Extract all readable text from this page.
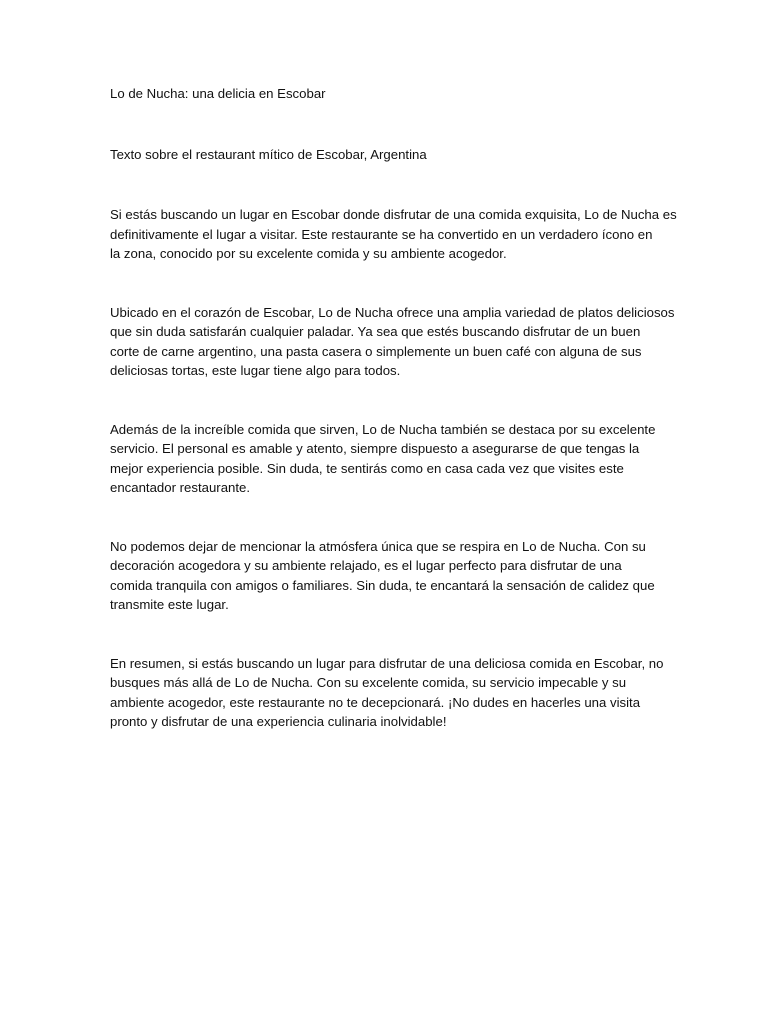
Lo de Nucha: una delicia en Escobar

Texto sobre el restaurant mítico de Escobar, Argentina

Si estás buscando un lugar en Escobar donde disfrutar de una comida exquisita, Lo de Nucha es
definitivamente el lugar a visitar. Este restaurante se ha convertido en un verdadero ícono en
la zona, conocido por su excelente comida y su ambiente acogedor.

Ubicado en el corazón de Escobar, Lo de Nucha ofrece una amplia variedad de platos deliciosos
que sin duda satisfarán cualquier paladar. Ya sea que estés buscando disfrutar de un buen
corte de carne argentino, una pasta casera o simplemente un buen café con alguna de sus
deliciosas tortas, este lugar tiene algo para todos.

Además de la increíble comida que sirven, Lo de Nucha también se destaca por su excelente
servicio. El personal es amable y atento, siempre dispuesto a asegurarse de que tengas la
mejor experiencia posible. Sin duda, te sentirás como en casa cada vez que visites este
encantador restaurante.

No podemos dejar de mencionar la atmósfera única que se respira en Lo de Nucha. Con su
decoración acogedora y su ambiente relajado, es el lugar perfecto para disfrutar de una
comida tranquila con amigos o familiares. Sin duda, te encantará la sensación de calidez que
transmite este lugar.

En resumen, si estás buscando un lugar para disfrutar de una deliciosa comida en Escobar, no
busques más allá de Lo de Nucha. Con su excelente comida, su servicio impecable y su
ambiente acogedor, este restaurante no te decepcionará. ¡No dudes en hacerles una visita
pronto y disfrutar de una experiencia culinaria inolvidable!
